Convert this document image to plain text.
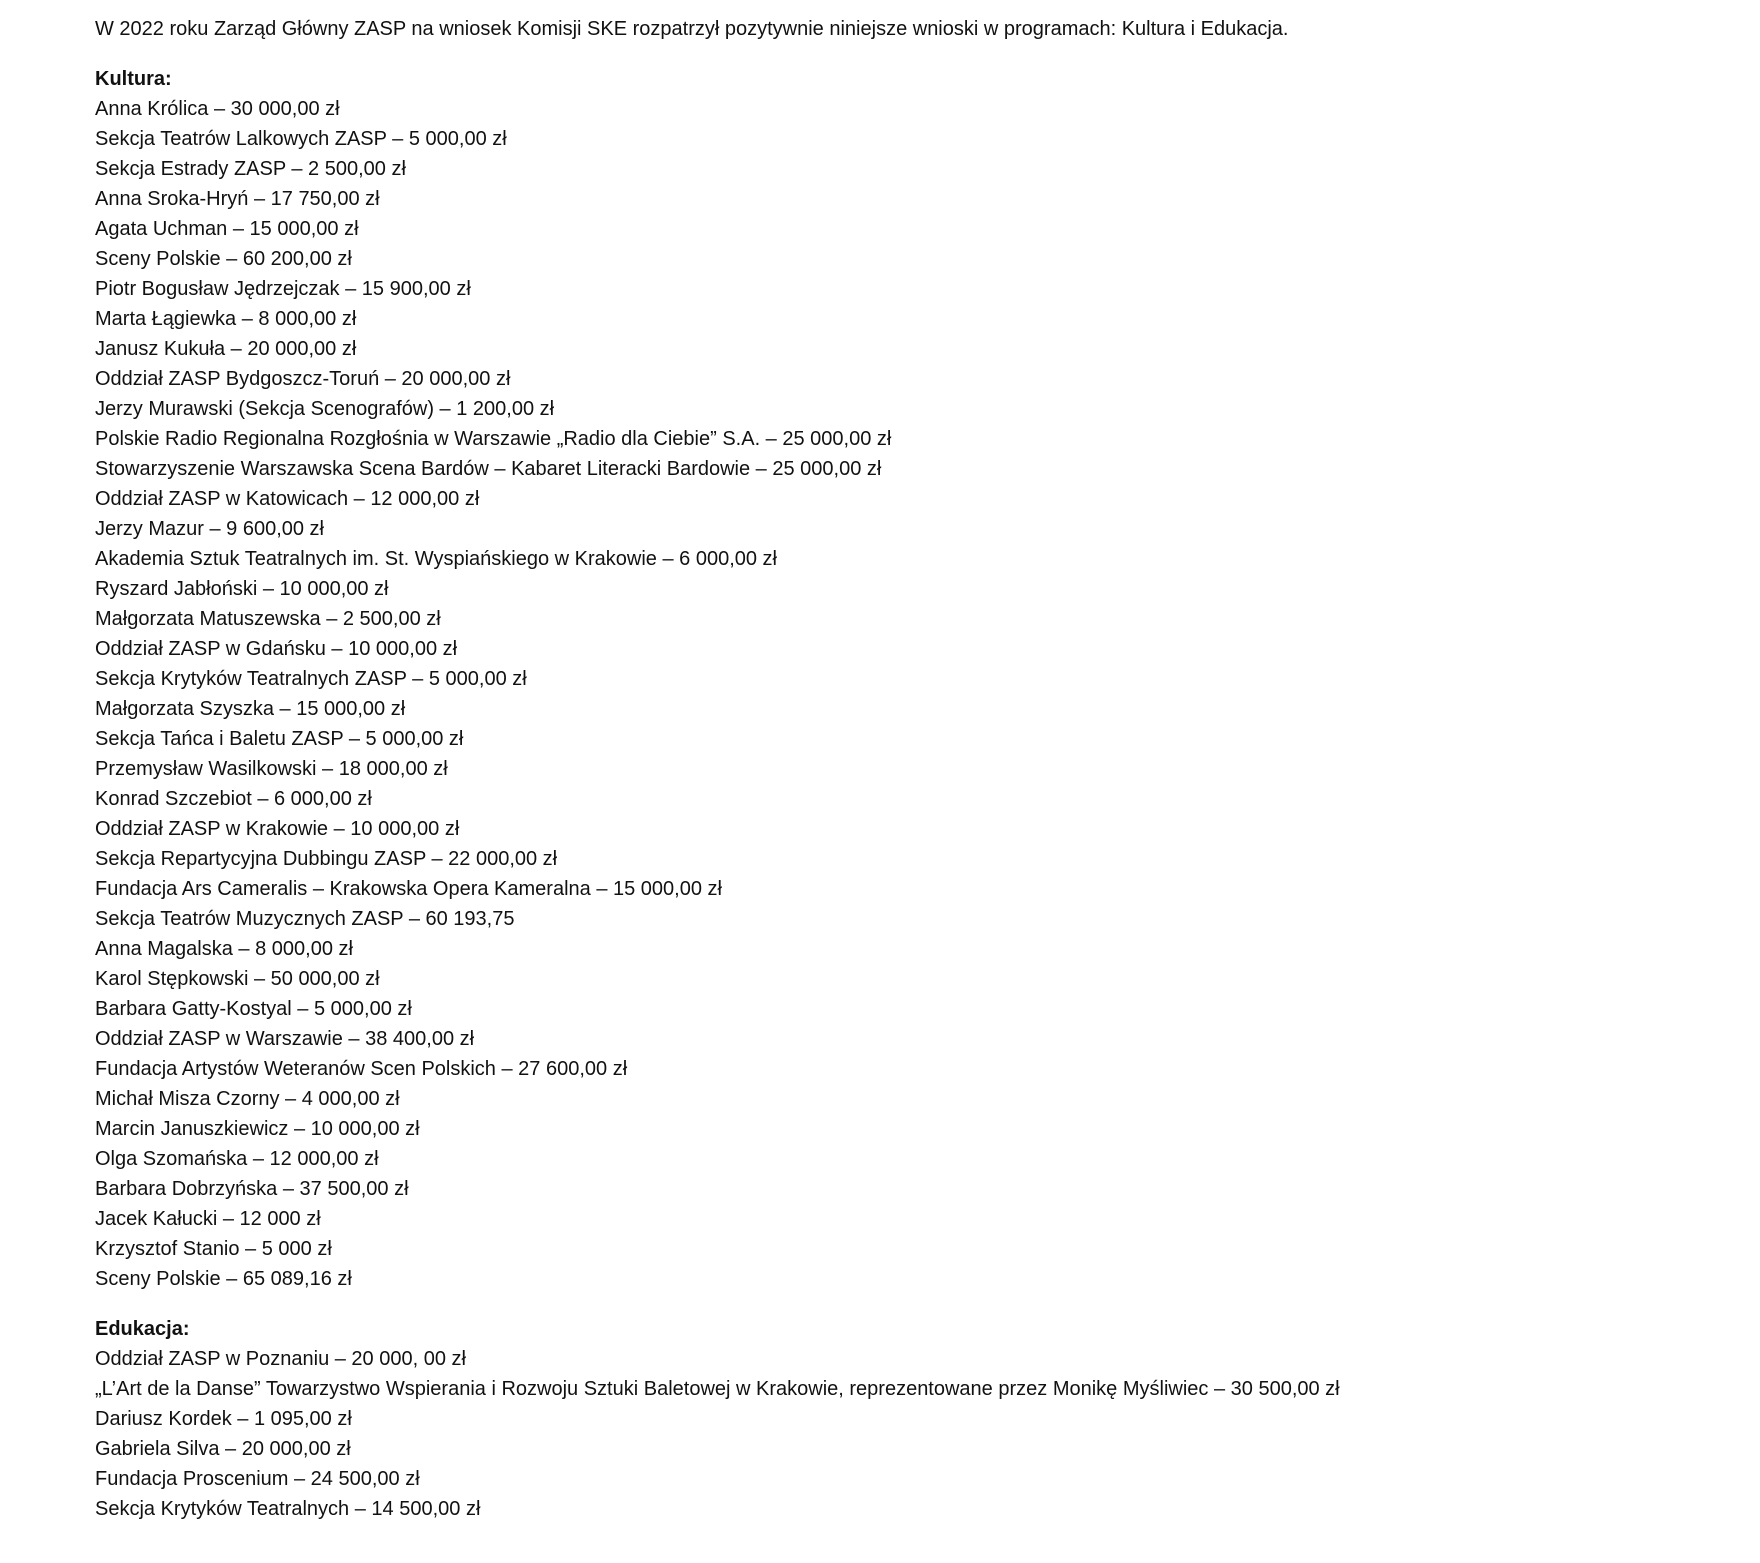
W 2022 roku Zarząd Główny ZASP na wniosek Komisji SKE rozpatrzył pozytywnie niniejsze wnioski w programach: Kultura i Edukacja.

Kultura:

Anna Królica – 30 000,00 zł
Sekcja Teatrów Lalkowych ZASP – 5 000,00 zł
Sekcja Estrady ZASP – 2 500,00 zł
Anna Sroka-Hryń – 17 750,00 zł
Agata Uchman – 15 000,00 zł
Sceny Polskie – 60 200,00 zł
Piotr Bogusław Jędrzejczak – 15 900,00 zł
Marta Łągiewka – 8 000,00 zł
Janusz Kukuła – 20 000,00 zł
Oddział ZASP Bydgoszcz-Toruń – 20 000,00 zł
Jerzy Murawski (Sekcja Scenografów) – 1 200,00 zł
Polskie Radio Regionalna Rozgłośnia w Warszawie „Radio dla Ciebie” S.A. – 25 000,00 zł
Stowarzyszenie Warszawska Scena Bardów – Kabaret Literacki Bardowie – 25 000,00 zł
Oddział ZASP w Katowicach – 12 000,00 zł
Jerzy Mazur – 9 600,00 zł
Akademia Sztuk Teatralnych im. St. Wyspiańskiego w Krakowie – 6 000,00 zł
Ryszard Jabłoński – 10 000,00 zł
Małgorzata Matuszewska – 2 500,00 zł
Oddział ZASP w Gdańsku – 10 000,00 zł
Sekcja Krytyków Teatralnych ZASP – 5 000,00 zł
Małgorzata Szyszka – 15 000,00 zł
Sekcja Tańca i Baletu ZASP – 5 000,00 zł
Przemysław Wasilkowski – 18 000,00 zł
Konrad Szczebiot – 6 000,00 zł
Oddział ZASP w Krakowie – 10 000,00 zł
Sekcja Repartycyjna Dubbingu ZASP – 22 000,00 zł
Fundacja Ars Cameralis – Krakowska Opera Kameralna – 15 000,00 zł
Sekcja Teatrów Muzycznych ZASP – 60 193,75
Anna Magalska – 8 000,00 zł
Karol Stępkowski – 50 000,00 zł
Barbara Gatty-Kostyal – 5 000,00 zł
Oddział ZASP w Warszawie – 38 400,00 zł
Fundacja Artystów Weteranów Scen Polskich – 27 600,00 zł
Michał Misza Czorny – 4 000,00 zł
Marcin Januszkiewicz – 10 000,00 zł
Olga Szomańska – 12 000,00 zł
Barbara Dobrzyńska – 37 500,00 zł
Jacek Kałucki – 12 000 zł
Krzysztof Stanio – 5 000 zł
Sceny Polskie – 65 089,16 zł

Edukacja:

Oddział ZASP w Poznaniu – 20 000, 00 zł
„L’Art de la Danse” Towarzystwo Wspierania i Rozwoju Sztuki Baletowej w Krakowie, reprezentowane przez Monikę Myśliwiec – 30 500,00 zł
Dariusz Kordek – 1 095,00 zł
Gabriela Silva – 20 000,00 zł
Fundacja Proscenium – 24 500,00 zł
Sekcja Krytyków Teatralnych – 14 500,00 zł
